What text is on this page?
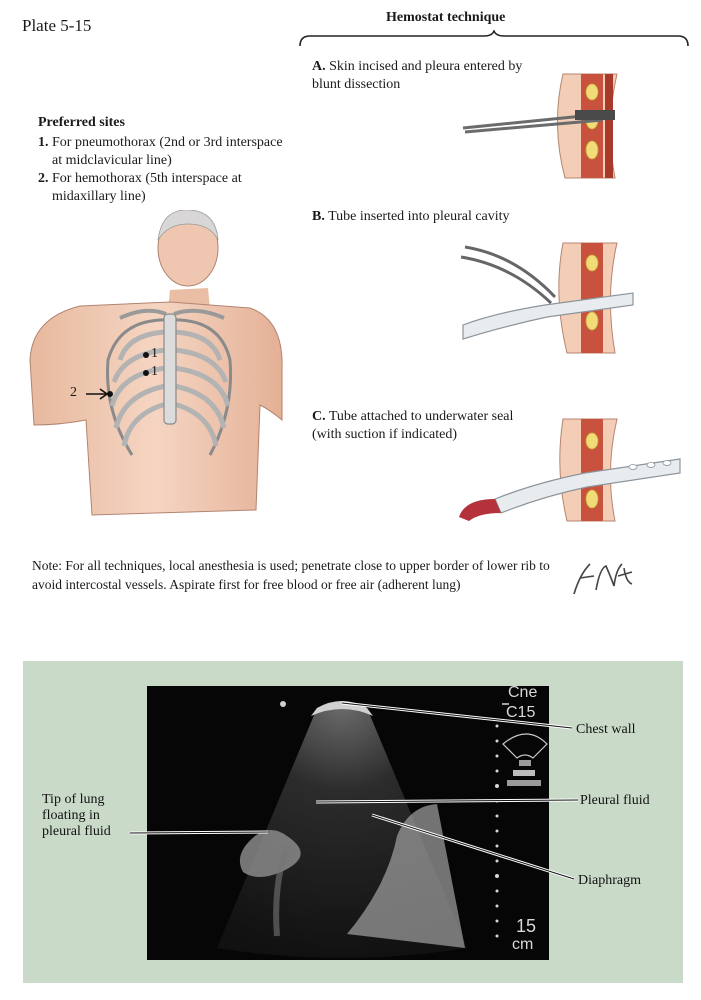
Plate 5-15	Hemostat technique
Preferred sites
1. For pneumothorax (2nd or 3rd interspace at midclavicular line)
2. For hemothorax (5th interspace at midaxillary line)
1
1
2
A. Skin incised and pleura entered by blunt dissection
B. Tube inserted into pleural cavity
C. Tube attached to underwater seal (with suction if indicated)
Note: For all techniques, local anesthesia is used; penetrate close to upper border of lower rib to avoid intercostal vessels. Aspirate first for free blood or free air (adherent lung)
Cne
C15
15
cm
Chest wall
Pleural fluid
Diaphragm
Tip of lung floating in pleural fluid
